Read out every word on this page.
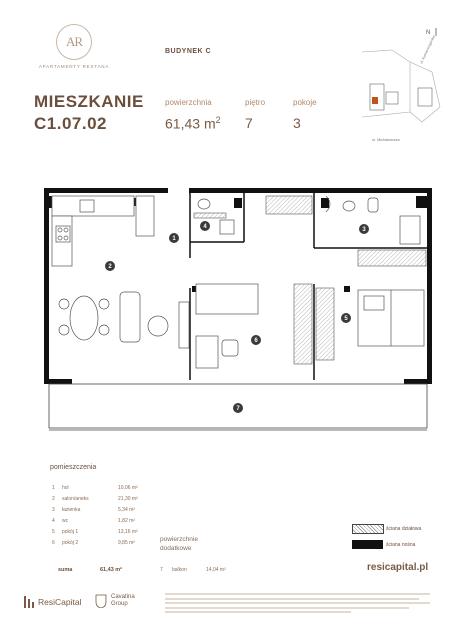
AR
APARTAMENTY RESTANA
BUDYNEK C
MIESZKANIE
C1.07.02
powierzchnia
61,43 $m^2$
piętro
7
pokoje
3
N
ul. Kamiennogórska
ul. Michałowicza
1
2
3
4
5
6
7
pomieszczenia
1	hol	10,06 m²
2	salon/aneks	21,30 m²
3	łazienka	5,34 m²
4	wc	1,82 m²
5	pokój 1	13,16 m²
6	pokój 2	9,85 m²
suma	61,43 m²
powierzchnie
dodatkowe
7	balkon	14,04 m²
ściana działowa
ściana nośna
resicapital.pl
ResiCapital	Cavatina
Group
